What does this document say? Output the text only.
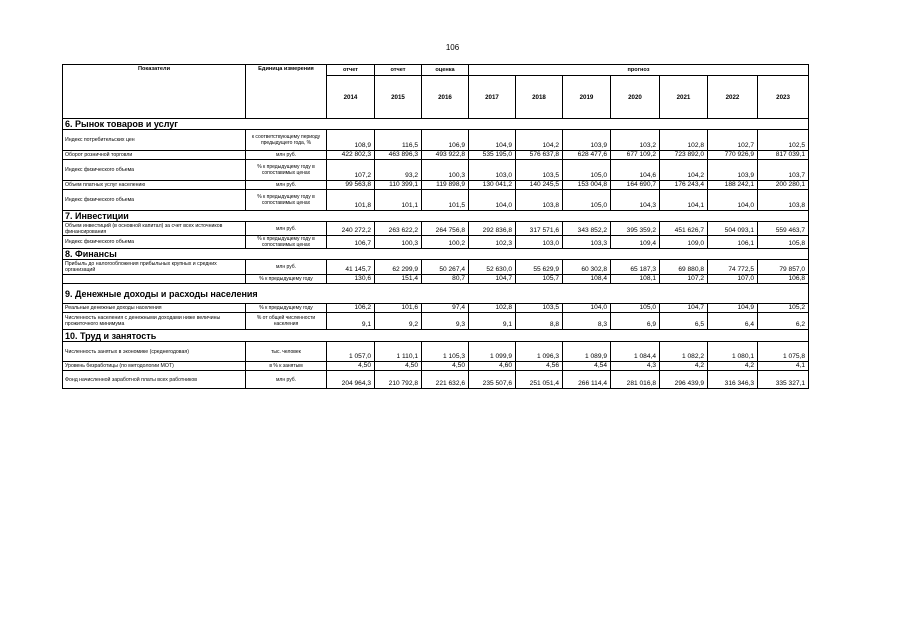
106
Показатели	Единица измерения	отчет	отчет	оценка	прогноз						
		2014	2015	2016	2017	2018	2019	2020	2021	2022	2023
6. Рынок товаров и услуг											
Индекс потребительских цен	к соответствующему периоду предыдущего года, %	108,9	116,5	106,9	104,9	104,2	103,9	103,2	102,8	102,7	102,5
Оборот розничной торговли	млн руб.	422 802,3	463 896,3	493 922,8	535 195,0	576 637,8	628 477,6	677 109,2	723 892,0	770 926,9	817 039,1
Индекс физического объема	% к предыдущему году в сопоставимых ценах	107,2	93,2	100,3	103,0	103,5	105,0	104,6	104,2	103,9	103,7
Объем платных услуг населению	млн руб.	99 563,8	110 399,1	119 898,9	130 041,2	140 245,5	153 004,8	164 690,7	176 243,4	188 242,1	200 280,1
Индекс физического объема	% к предыдущему году в сопоставимых ценах	101,8	101,1	101,5	104,0	103,8	105,0	104,3	104,1	104,0	103,8
7. Инвестиции											
Объем инвестиций (в основной капитал) за счет всех источников финансирования	млн руб.	240 272,2	263 622,2	264 756,8	292 836,8	317 571,6	343 852,2	395 359,2	451 626,7	504 093,1	559 463,7
Индекс физического объема	% к предыдущему году в сопоставимых ценах	106,7	100,3	100,2	102,3	103,0	103,3	109,4	109,0	106,1	105,8
8. Финансы											
Прибыль до налогообложения прибыльных крупных и средних организаций	млн руб.	41 145,7	62 299,9	50 267,4	52 630,0	55 629,9	60 302,8	65 187,3	69 880,8	74 772,5	79 857,0
	% к предыдущему году	130,6	151,4	80,7	104,7	105,7	108,4	108,1	107,2	107,0	106,8
9. Денежные доходы и расходы населения											
Реальные денежные доходы населения	% к предыдущему году	106,2	101,6	97,4	102,8	103,5	104,0	105,0	104,7	104,9	105,2
Численность населения с денежными доходами ниже величины прожиточного минимума	% от общей численности населения	9,1	9,2	9,3	9,1	8,8	8,3	6,9	6,5	6,4	6,2
10. Труд и занятость											
Численность занятых в экономике (среднегодовая)	тыс. человек	1 057,0	1 110,1	1 105,3	1 099,9	1 096,3	1 089,9	1 084,4	1 082,2	1 080,1	1 075,8
Уровень безработицы (по методологии МОТ)	в % к занятым	4,50	4,50	4,50	4,60	4,56	4,54	4,3	4,2	4,2	4,1
Фонд начисленной заработной платы всех работников	млн руб.	204 964,3	210 792,8	221 632,6	235 507,6	251 051,4	266 114,4	281 016,8	296 439,9	316 346,3	335 327,1
